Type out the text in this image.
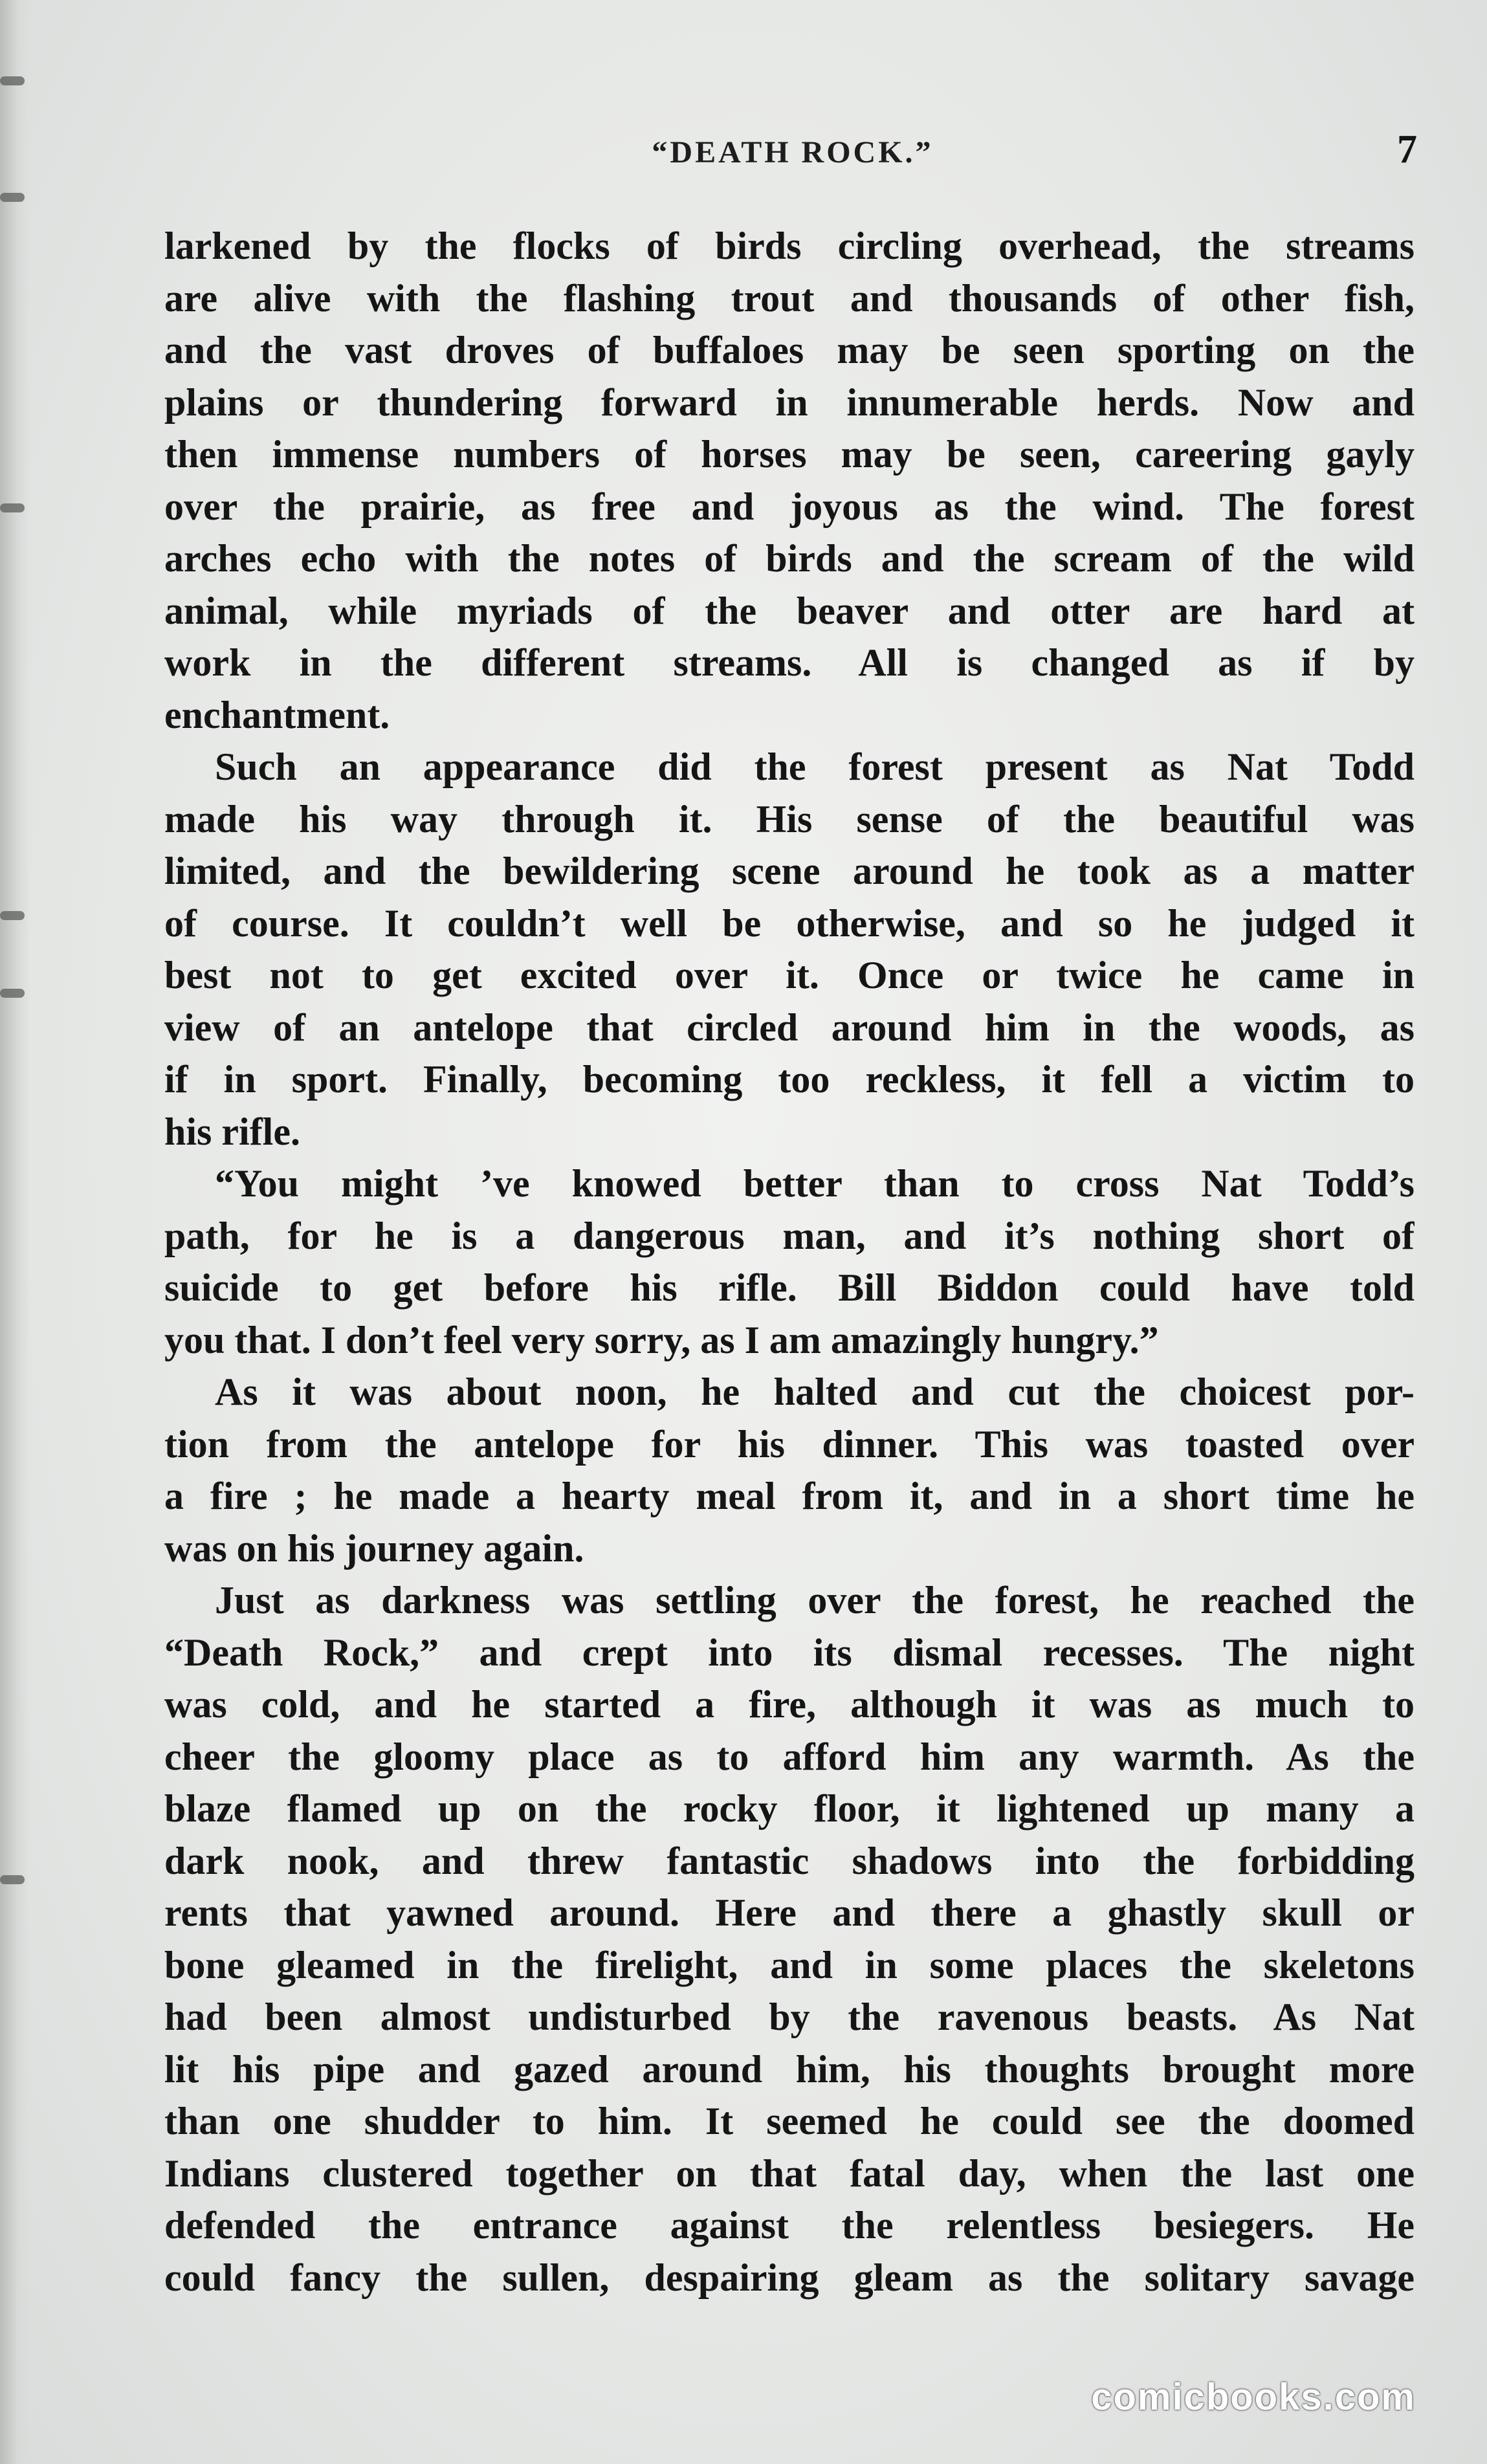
“DEATH ROCK.”	7
larkened by the flocks of birds circling overhead, the streams
are alive with the flashing trout and thousands of other fish,
and the vast droves of buffaloes may be seen sporting on the
plains or thundering forward in innumerable herds. Now and
then immense numbers of horses may be seen, careering gayly
over the prairie, as free and joyous as the wind. The forest
arches echo with the notes of birds and the scream of the wild
animal, while myriads of the beaver and otter are hard at
work in the different streams. All is changed as if by
enchantment.
Such an appearance did the forest present as Nat Todd
made his way through it. His sense of the beautiful was
limited, and the bewildering scene around he took as a matter
of course. It couldn’t well be otherwise, and so he judged it
best not to get excited over it. Once or twice he came in
view of an antelope that circled around him in the woods, as
if in sport. Finally, becoming too reckless, it fell a victim to
his rifle.
“You might ’ve knowed better than to cross Nat Todd’s
path, for he is a dangerous man, and it’s nothing short of
suicide to get before his rifle. Bill Biddon could have told
you that. I don’t feel very sorry, as I am amazingly hungry.”
As it was about noon, he halted and cut the choicest por-
tion from the antelope for his dinner. This was toasted over
a fire ; he made a hearty meal from it, and in a short time he
was on his journey again.
Just as darkness was settling over the forest, he reached the
“Death Rock,” and crept into its dismal recesses. The night
was cold, and he started a fire, although it was as much to
cheer the gloomy place as to afford him any warmth. As the
blaze flamed up on the rocky floor, it lightened up many a
dark nook, and threw fantastic shadows into the forbidding
rents that yawned around. Here and there a ghastly skull or
bone gleamed in the firelight, and in some places the skeletons
had been almost undisturbed by the ravenous beasts. As Nat
lit his pipe and gazed around him, his thoughts brought more
than one shudder to him. It seemed he could see the doomed
Indians clustered together on that fatal day, when the last one
defended the entrance against the relentless besiegers. He
could fancy the sullen, despairing gleam as the solitary savage
comicbooks.com
